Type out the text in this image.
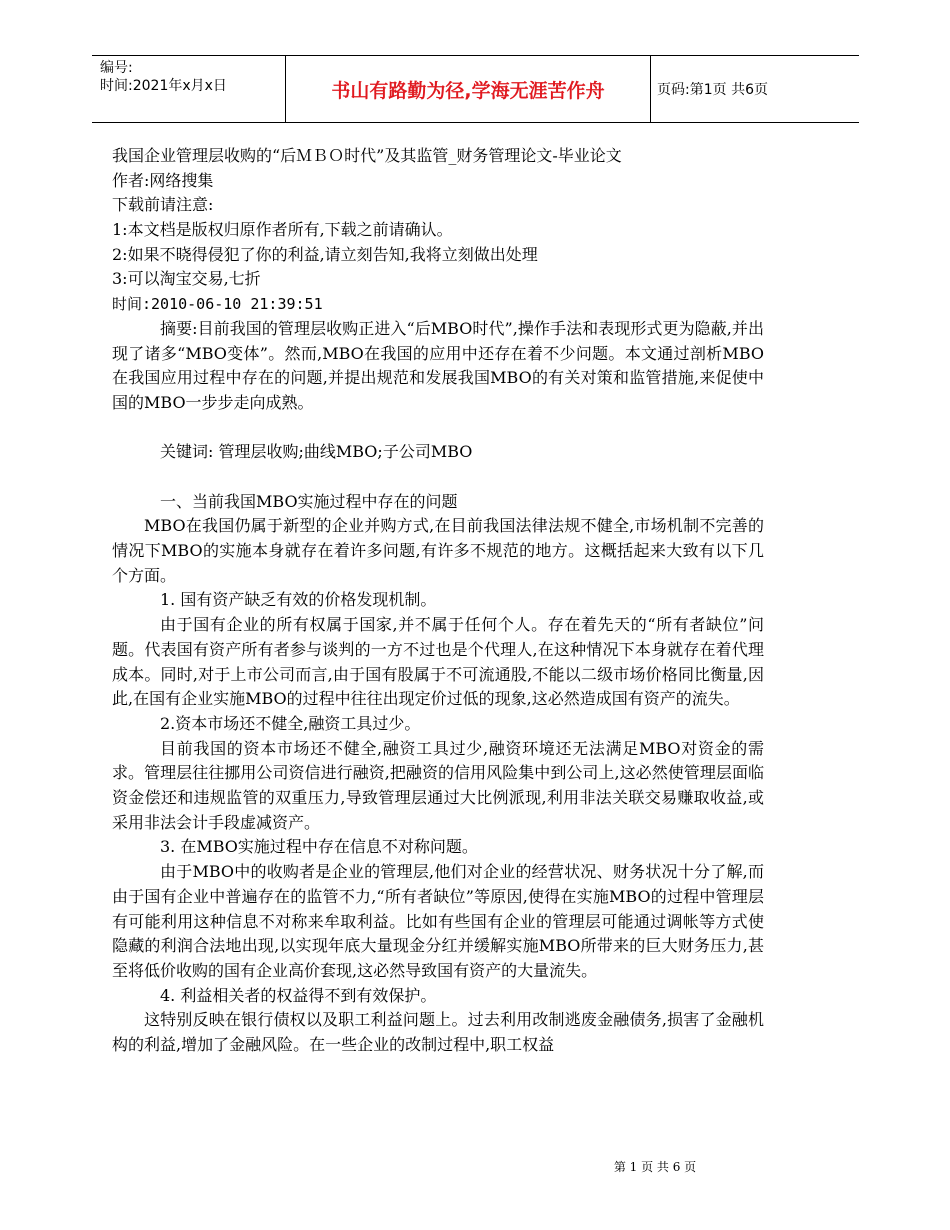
编号:
时间:2021年x月x日	书山有路勤为径,学海无涯苦作舟	页码:第1页 共6页
我国企业管理层收购的“后ＭＢＯ时代”及其监管_财务管理论文-毕业论文
作者:网络搜集
下载前请注意:
1:本文档是版权归原作者所有,下载之前请确认。
2:如果不晓得侵犯了你的利益,请立刻告知,我将立刻做出处理
3:可以淘宝交易,七折
时间:2010-06-10 21:39:51
摘要:目前我国的管理层收购正进入“后MBO时代”,操作手法和表现形式更为隐蔽,并出现了诸多“MBO变体”。然而,MBO在我国的应用中还存在着不少问题。本文通过剖析MBO在我国应用过程中存在的问题,并提出规范和发展我国MBO的有关对策和监管措施,来促使中国的MBO一步步走向成熟。
关键词: 管理层收购;曲线MBO;子公司MBO
一、当前我国MBO实施过程中存在的问题
MBO在我国仍属于新型的企业并购方式,在目前我国法律法规不健全,市场机制不完善的情况下MBO的实施本身就存在着许多问题,有许多不规范的地方。这概括起来大致有以下几个方面。
1. 国有资产缺乏有效的价格发现机制。
由于国有企业的所有权属于国家,并不属于任何个人。存在着先天的“所有者缺位”问题。代表国有资产所有者参与谈判的一方不过也是个代理人,在这种情况下本身就存在着代理成本。同时,对于上市公司而言,由于国有股属于不可流通股,不能以二级市场价格同比衡量,因此,在国有企业实施MBO的过程中往往出现定价过低的现象,这必然造成国有资产的流失。
2.资本市场还不健全,融资工具过少。
目前我国的资本市场还不健全,融资工具过少,融资环境还无法满足MBO对资金的需求。管理层往往挪用公司资信进行融资,把融资的信用风险集中到公司上,这必然使管理层面临资金偿还和违规监管的双重压力,导致管理层通过大比例派现,利用非法关联交易赚取收益,或采用非法会计手段虚减资产。
3. 在MBO实施过程中存在信息不对称问题。
由于MBO中的收购者是企业的管理层,他们对企业的经营状况、财务状况十分了解,而由于国有企业中普遍存在的监管不力,“所有者缺位”等原因,使得在实施MBO的过程中管理层有可能利用这种信息不对称来牟取利益。比如有些国有企业的管理层可能通过调帐等方式使隐藏的利润合法地出现,以实现年底大量现金分红并缓解实施MBO所带来的巨大财务压力,甚至将低价收购的国有企业高价套现,这必然导致国有资产的大量流失。
4. 利益相关者的权益得不到有效保护。
这特别反映在银行债权以及职工利益问题上。过去利用改制逃废金融债务,损害了金融机构的利益,增加了金融风险。在一些企业的改制过程中,职工权益
第 1 页 共 6 页
